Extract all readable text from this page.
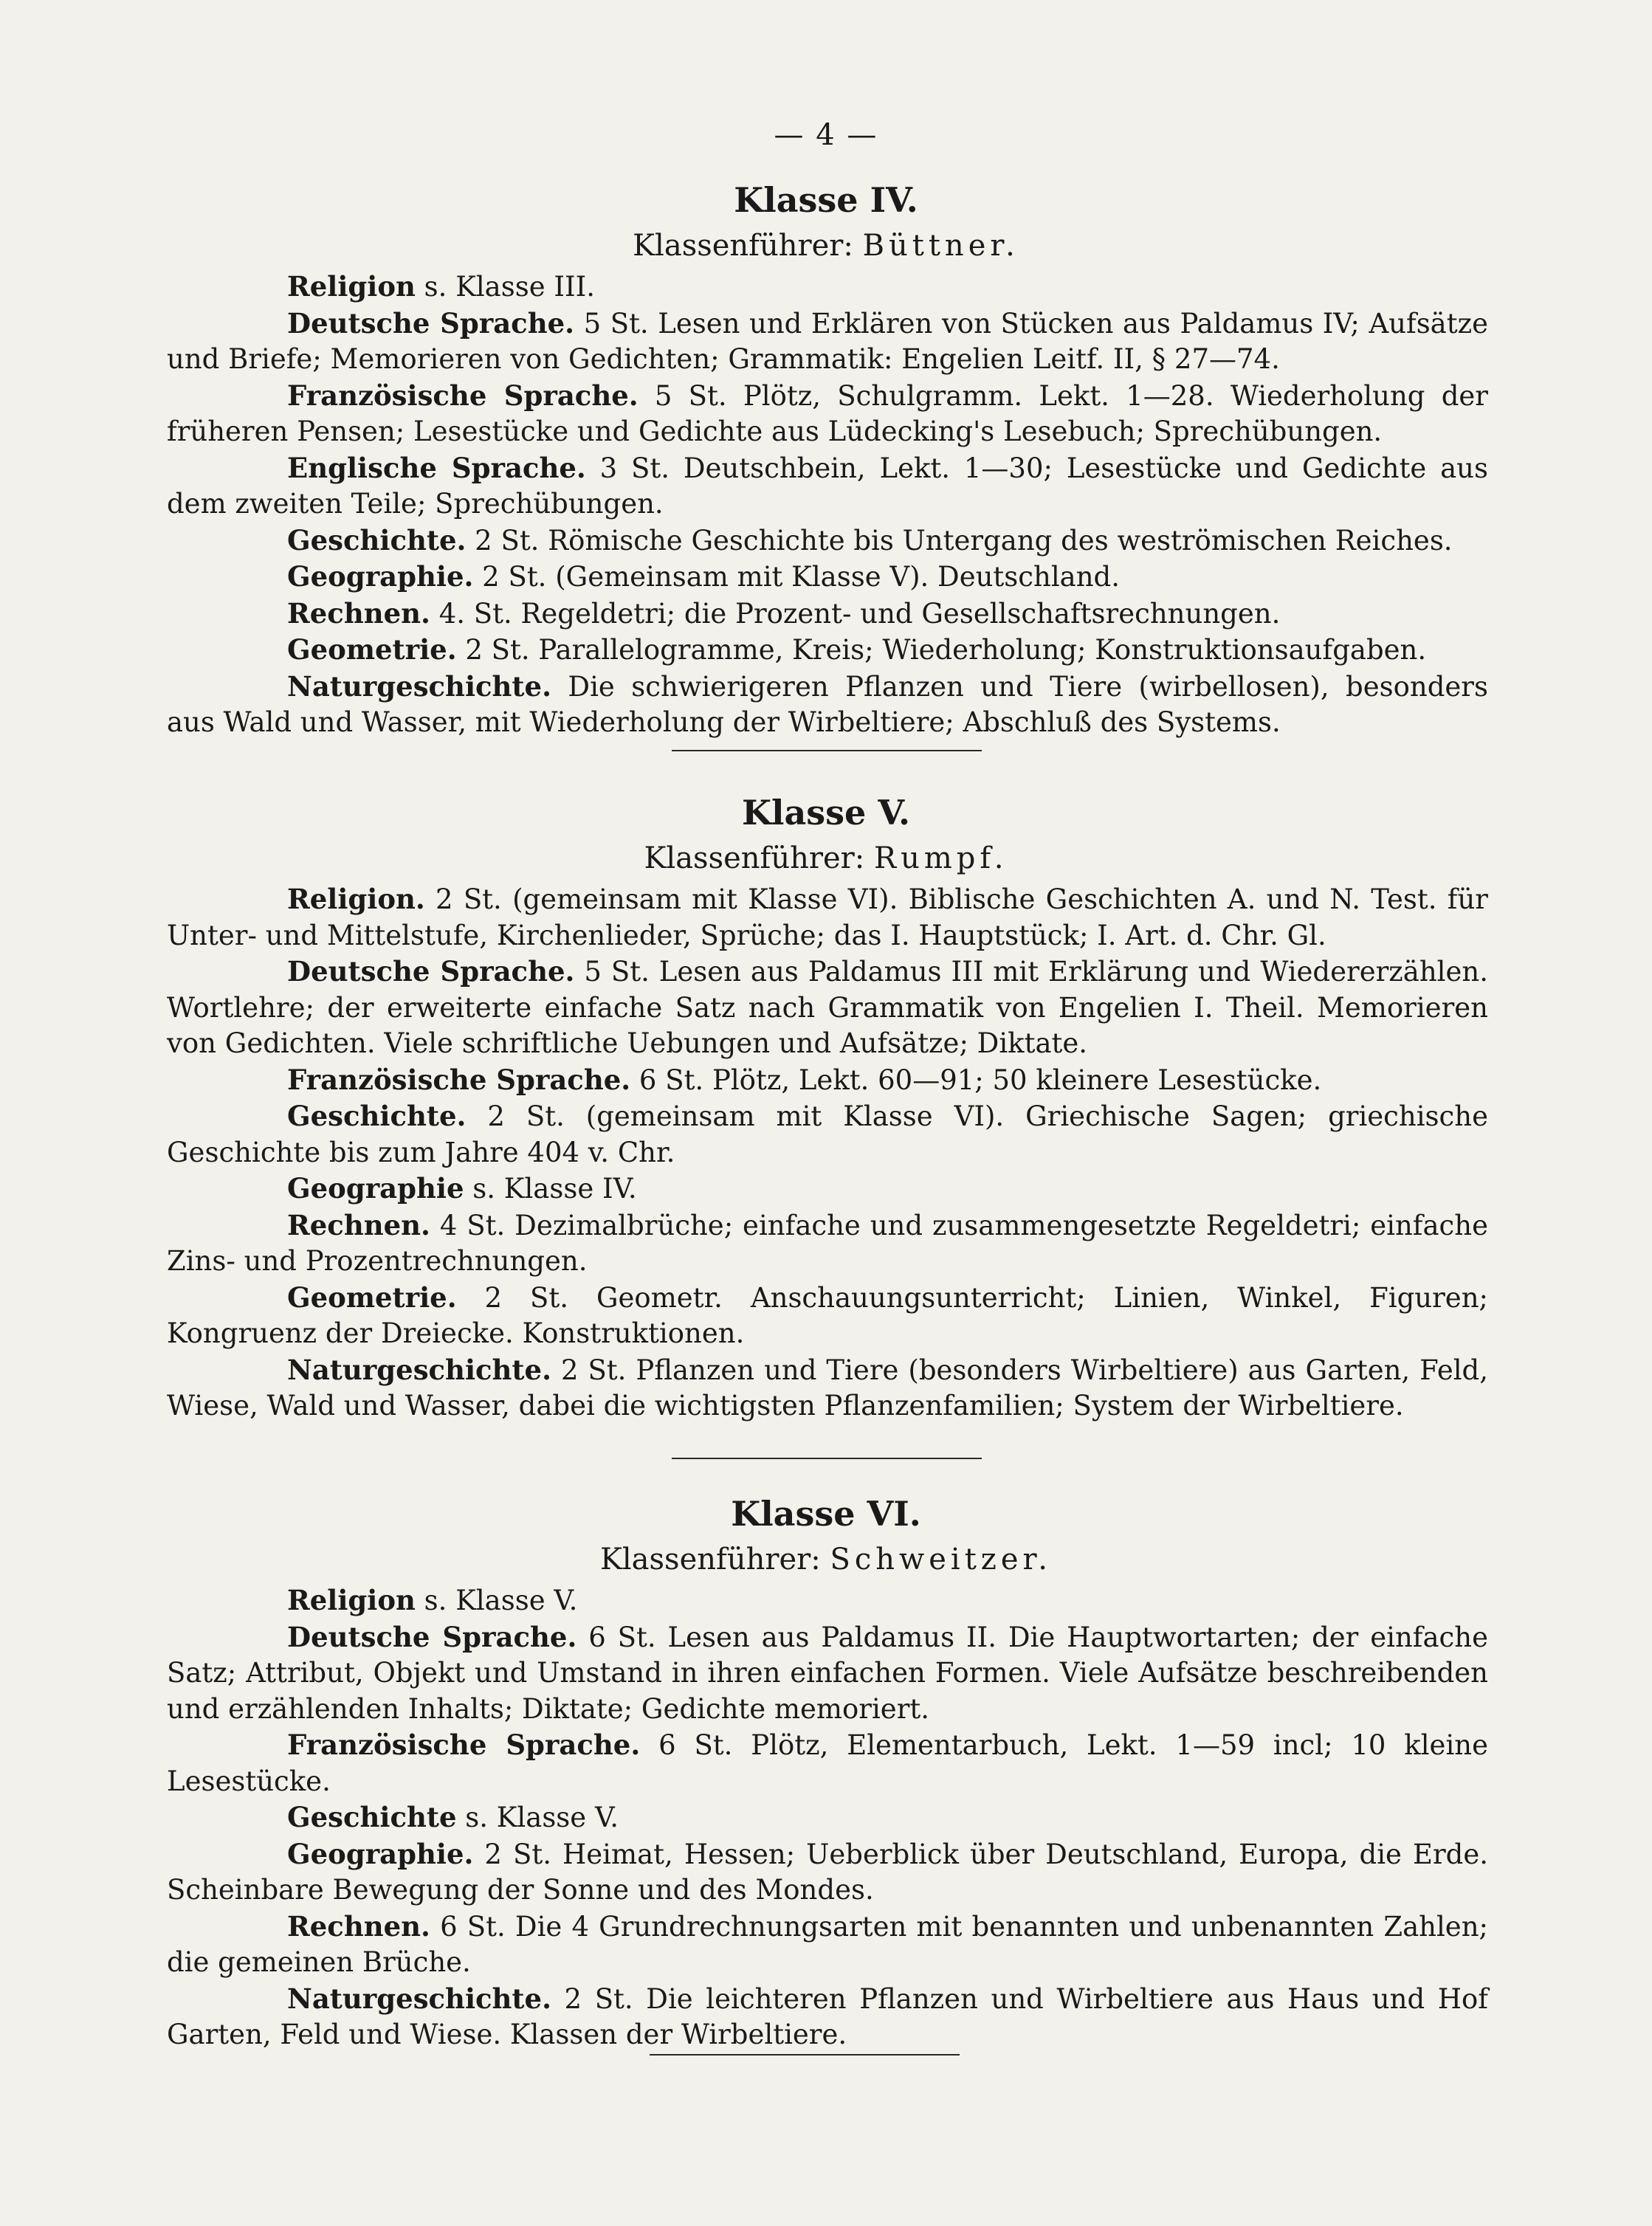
— 4 —
Klasse IV.
Klassenführer: Büttner.

Religion s. Klasse III.

Deutsche Sprache. 5 St. Lesen und Erklären von Stücken aus Paldamus IV; Aufsätze und Briefe; Memorieren von Gedichten; Grammatik: Engelien Leitf. II, § 27—74.

Französische Sprache. 5 St. Plötz, Schulgramm. Lekt. 1—28. Wiederholung der früheren Pensen; Lesestücke und Gedichte aus Lüdecking's Lesebuch; Sprechübungen.

Englische Sprache. 3 St. Deutschbein, Lekt. 1—30; Lesestücke und Gedichte aus dem zweiten Teile; Sprechübungen.

Geschichte. 2 St. Römische Geschichte bis Untergang des weströmischen Reiches.

Geographie. 2 St. (Gemeinsam mit Klasse V). Deutschland.

Rechnen. 4. St. Regeldetri; die Prozent- und Gesellschaftsrechnungen.

Geometrie. 2 St. Parallelogramme, Kreis; Wiederholung; Konstruktionsaufgaben.

Naturgeschichte. Die schwierigeren Pflanzen und Tiere (wirbellosen), besonders aus Wald und Wasser, mit Wiederholung der Wirbeltiere; Abschluß des Systems.

Klasse V.
Klassenführer: Rumpf.

Religion. 2 St. (gemeinsam mit Klasse VI). Biblische Geschichten A. und N. Test. für Unter- und Mittelstufe, Kirchenlieder, Sprüche; das I. Hauptstück; I. Art. d. Chr. Gl.

Deutsche Sprache. 5 St. Lesen aus Paldamus III mit Erklärung und Wiedererzählen. Wortlehre; der erweiterte einfache Satz nach Grammatik von Engelien I. Theil. Memorieren von Gedichten. Viele schriftliche Uebungen und Aufsätze; Diktate.

Französische Sprache. 6 St. Plötz, Lekt. 60—91; 50 kleinere Lesestücke.

Geschichte. 2 St. (gemeinsam mit Klasse VI). Griechische Sagen; griechische Geschichte bis zum Jahre 404 v. Chr.

Geographie s. Klasse IV.

Rechnen. 4 St. Dezimalbrüche; einfache und zusammengesetzte Regeldetri; einfache Zins- und Prozentrechnungen.

Geometrie. 2 St. Geometr. Anschauungsunterricht; Linien, Winkel, Figuren; Kongruenz der Dreiecke. Konstruktionen.

Naturgeschichte. 2 St. Pflanzen und Tiere (besonders Wirbeltiere) aus Garten, Feld, Wiese, Wald und Wasser, dabei die wichtigsten Pflanzenfamilien; System der Wirbeltiere.

Klasse VI.
Klassenführer: Schweitzer.

Religion s. Klasse V.

Deutsche Sprache. 6 St. Lesen aus Paldamus II. Die Hauptwortarten; der einfache Satz; Attribut, Objekt und Umstand in ihren einfachen Formen. Viele Aufsätze beschreibenden und erzählenden Inhalts; Diktate; Gedichte memoriert.

Französische Sprache. 6 St. Plötz, Elementarbuch, Lekt. 1—59 incl; 10 kleine Lesestücke.

Geschichte s. Klasse V.

Geographie. 2 St. Heimat, Hessen; Ueberblick über Deutschland, Europa, die Erde. Scheinbare Bewegung der Sonne und des Mondes.

Rechnen. 6 St. Die 4 Grundrechnungsarten mit benannten und unbenannten Zahlen; die gemeinen Brüche.

Naturgeschichte. 2 St. Die leichteren Pflanzen und Wirbeltiere aus Haus und Hof Garten, Feld und Wiese. Klassen der Wirbeltiere.
